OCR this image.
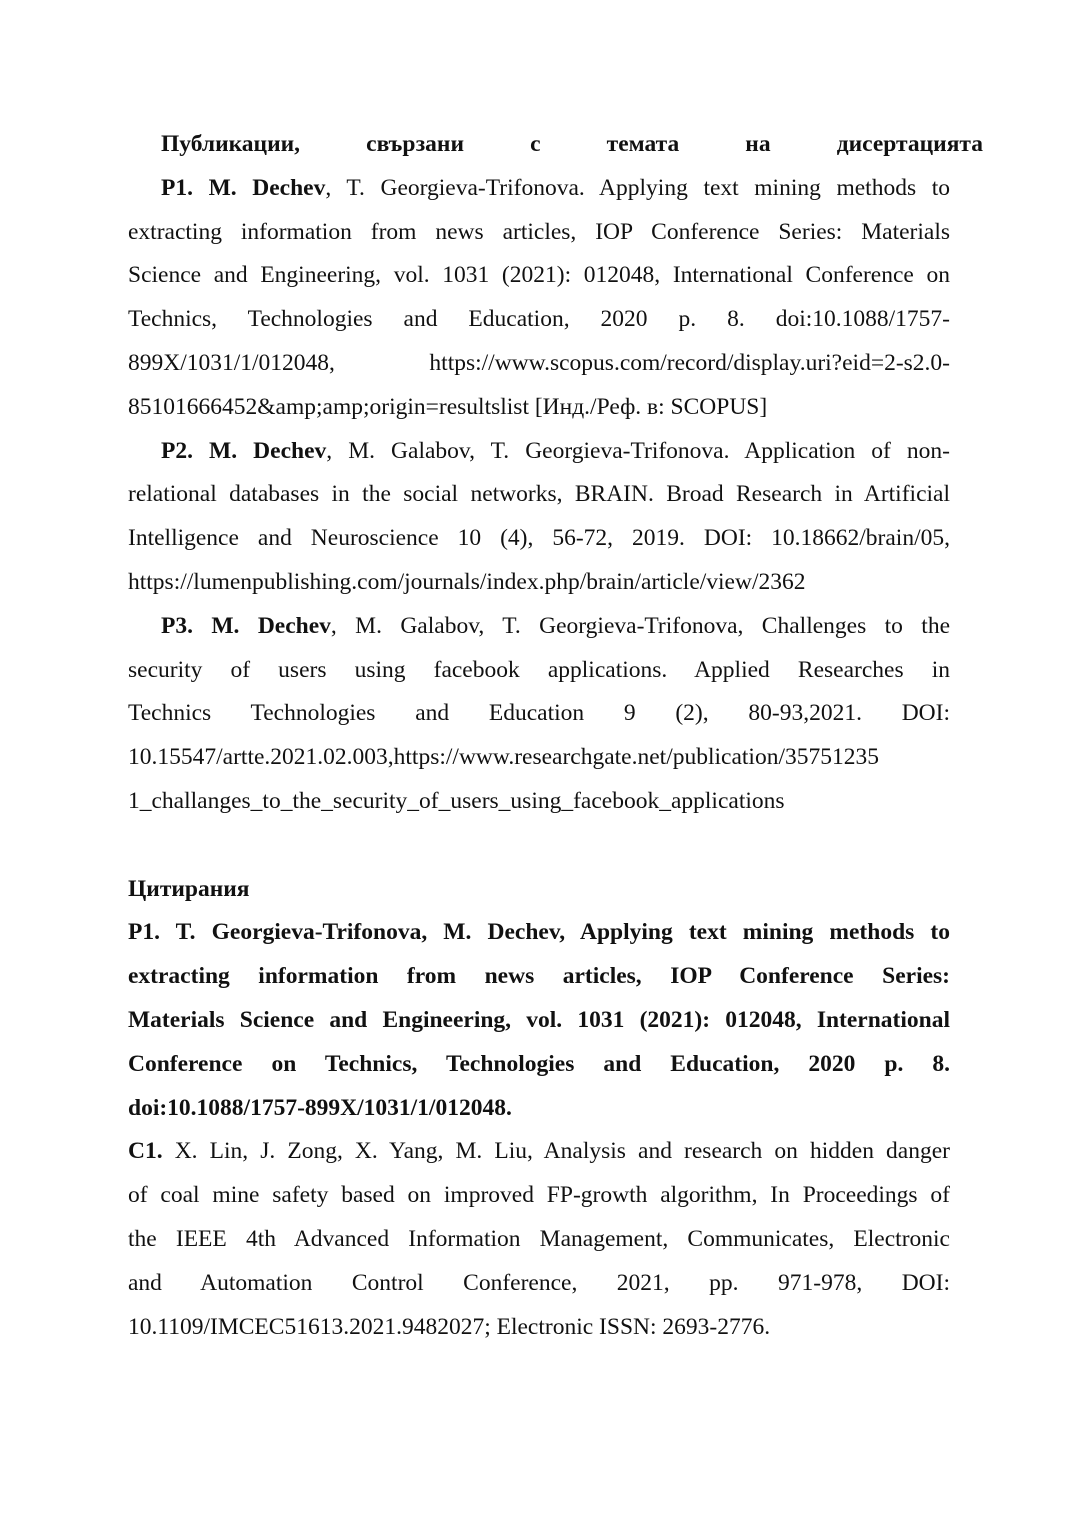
Публикации, свързани с темата на дисертацията
P1. M. Dechev, T. Georgieva-Trifonova. Applying text mining methods to
extracting information from news articles, IOP Conference Series: Materials
Science and Engineering, vol. 1031 (2021): 012048, International Conference on
Technics, Technologies and Education, 2020 p. 8. doi:10.1088/1757-
899X/1031/1/012048, https://www.scopus.com/record/display.uri?eid=2-s2.0-
85101666452&amp;amp;origin=resultslist [Инд./Реф. в: SCOPUS]
P2. M. Dechev, M. Galabov, T. Georgieva-Trifonova. Application of non-
relational databases in the social networks, BRAIN. Broad Research in Artificial
Intelligence and Neuroscience 10 (4), 56-72, 2019. DOI: 10.18662/brain/05,
https://lumenpublishing.com/journals/index.php/brain/article/view/2362
P3. M. Dechev, M. Galabov, T. Georgieva-Trifonova, Challenges to the
security of users using facebook applications. Applied Researches in
Technics Technologies and Education 9 (2), 80-93,2021. DOI:
10.15547/artte.2021.02.003,https://www.researchgate.net/publication/35751235
1_challanges_to_the_security_of_users_using_facebook_applications
Цитирания
P1. T. Georgieva-Trifonova, M. Dechev, Applying text mining methods to
extracting information from news articles, IOP Conference Series:
Materials Science and Engineering, vol. 1031 (2021): 012048, International
Conference on Technics, Technologies and Education, 2020 p. 8.
doi:10.1088/1757-899X/1031/1/012048.
C1. X. Lin, J. Zong, X. Yang, M. Liu, Analysis and research on hidden danger
of coal mine safety based on improved FP-growth algorithm, In Proceedings of
the IEEE 4th Advanced Information Management, Communicates, Electronic
and Automation Control Conference, 2021, pp. 971-978, DOI:
10.1109/IMCEC51613.2021.9482027; Electronic ISSN: 2693-2776.
